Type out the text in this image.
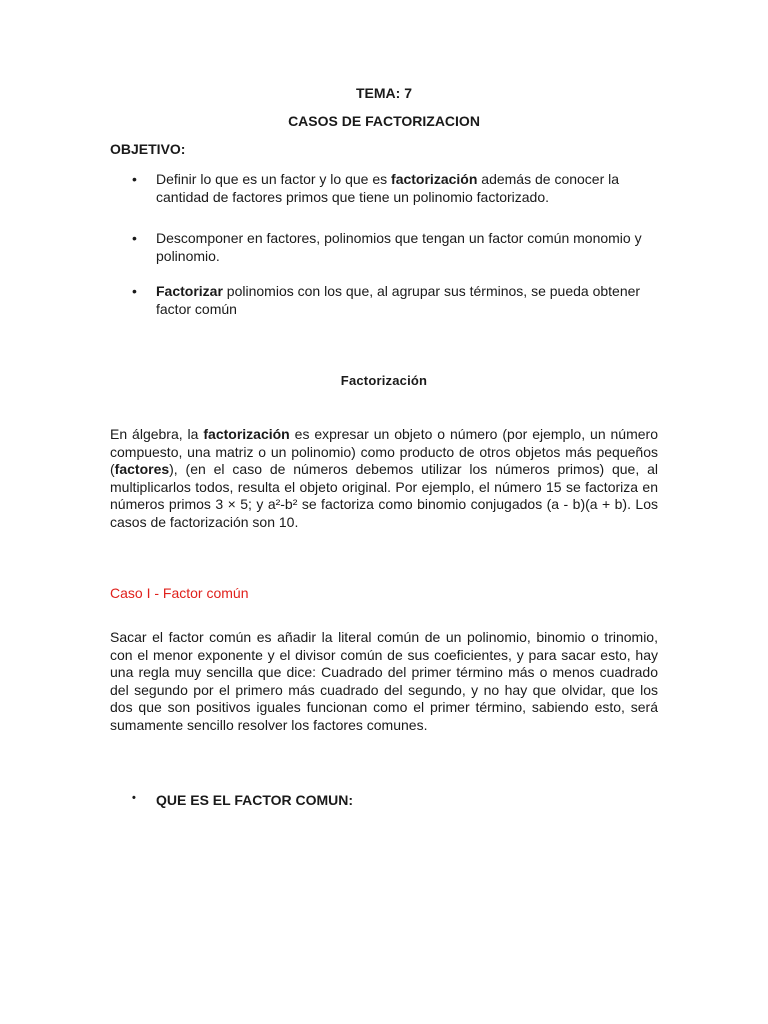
TEMA: 7
CASOS DE FACTORIZACION
OBJETIVO:
• Definir lo que es un factor y lo que es factorización además de conocer la cantidad de factores primos que tiene un polinomio factorizado.
• Descomponer en factores, polinomios que tengan un factor común monomio y polinomio.
• Factorizar polinomios con los que, al agrupar sus términos, se pueda obtener factor común
Factorización
En álgebra, la factorización es expresar un objeto o número (por ejemplo, un número compuesto, una matriz o un polinomio) como producto de otros objetos más pequeños (factores), (en el caso de números debemos utilizar los números primos) que, al multiplicarlos todos, resulta el objeto original. Por ejemplo, el número 15 se factoriza en números primos 3 × 5; y a²-b² se factoriza como binomio conjugados (a - b)(a + b). Los casos de factorización son 10.
Caso I - Factor común
Sacar el factor común es añadir la literal común de un polinomio, binomio o trinomio, con el menor exponente y el divisor común de sus coeficientes, y para sacar esto, hay una regla muy sencilla que dice: Cuadrado del primer término más o menos cuadrado del segundo por el primero más cuadrado del segundo, y no hay que olvidar, que los dos que son positivos iguales funcionan como el primer término, sabiendo esto, será sumamente sencillo resolver los factores comunes.
• QUE ES EL FACTOR COMUN:
